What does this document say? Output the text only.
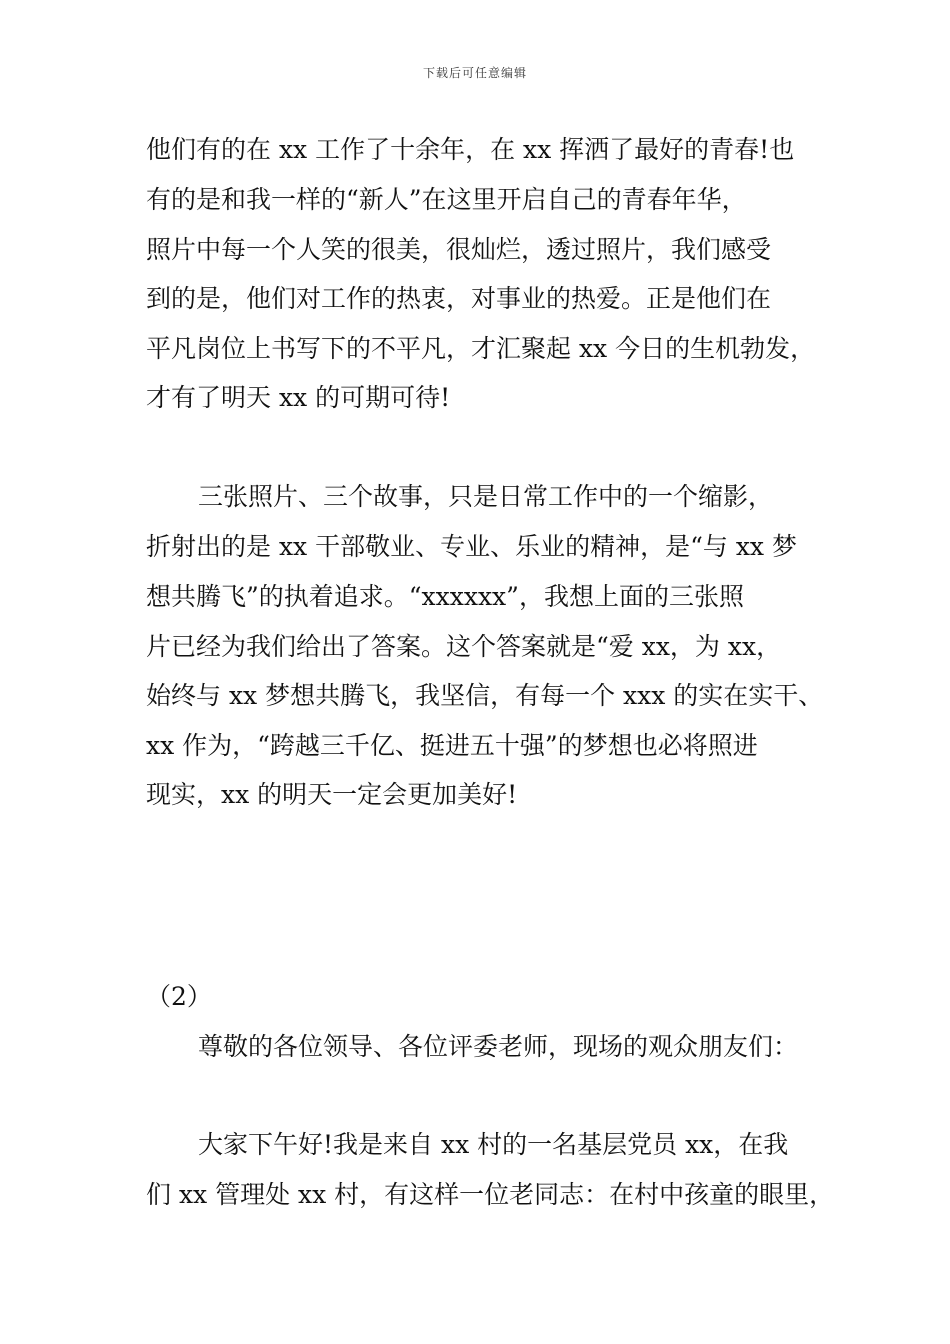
下载后可任意编辑
他们有的在 xx 工作了十余年，在 xx 挥洒了最好的青春!也
有的是和我一样的“新人”在这里开启自己的青春年华，
照片中每一个人笑的很美，很灿烂，透过照片，我们感受
到的是，他们对工作的热衷，对事业的热爱。正是他们在
平凡岗位上书写下的不平凡，才汇聚起 xx 今日的生机勃发，
才有了明天 xx 的可期可待!
三张照片、三个故事，只是日常工作中的一个缩影，
折射出的是 xx 干部敬业、专业、乐业的精神，是“与 xx 梦
想共腾飞”的执着追求。“xxxxxx”，我想上面的三张照
片已经为我们给出了答案。这个答案就是“爱 xx，为 xx，
始终与 xx 梦想共腾飞，我坚信，有每一个 xxx 的实在实干、
xx 作为，“跨越三千亿、挺进五十强”的梦想也必将照进
现实，xx 的明天一定会更加美好!
（2）
尊敬的各位领导、各位评委老师，现场的观众朋友们：
大家下午好!我是来自 xx 村的一名基层党员 xx，在我
们 xx 管理处 xx 村，有这样一位老同志：在村中孩童的眼里，
